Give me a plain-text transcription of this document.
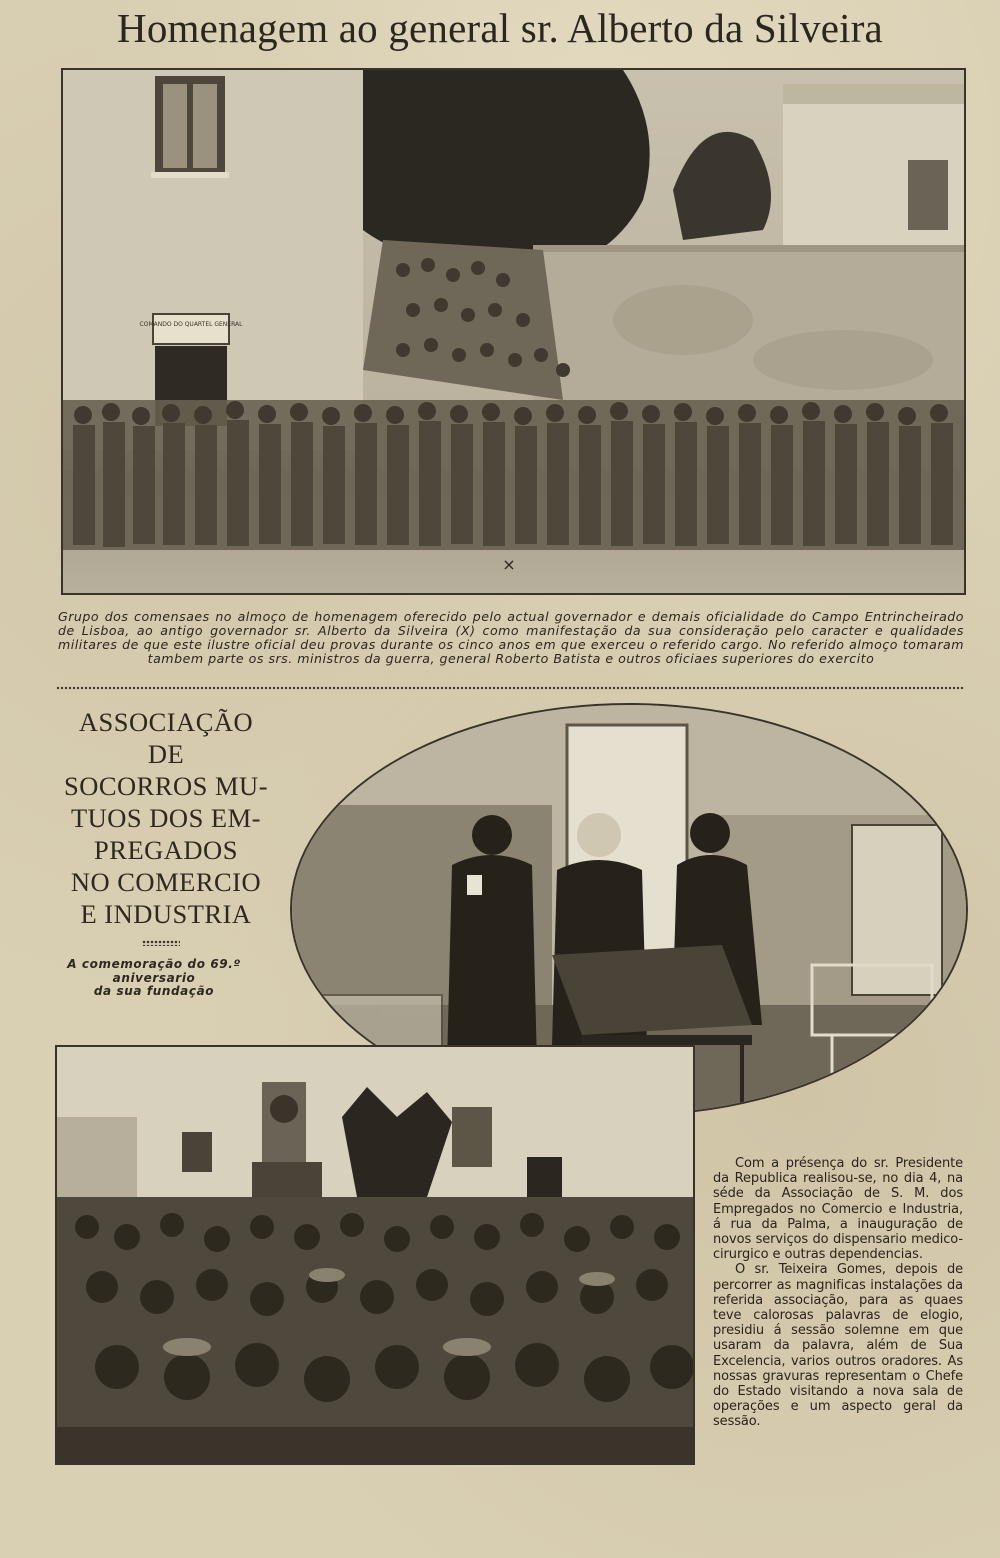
Homenagem ao general sr. Alberto da Silveira
COMANDO DO QUARTEL GENERAL
×
Grupo dos comensaes no almoço de homenagem oferecido pelo actual governador e demais oficialidade do Campo Entrincheirado de Lisboa, ao antigo governador sr. Alberto da Silveira (X) como manifestação da sua consideração pelo caracter e qualidades militares de que este ilustre oficial deu provas durante os cinco anos em que exerceu o referido cargo. No referido almoço tomaram tambem parte os srs. ministros da guerra, general Roberto Batista e outros oficiaes superiores do exercito
ASSOCIAÇÃO
DE
SOCORROS MU-
TUOS DOS EM-
PREGADOS
NO COMERCIO
E INDUSTRIA
A comemoração do 69.º
aniversario
da sua fundação

Com a présença do sr. Presidente da Republica realisou-se, no dia 4, na séde da Associação de S. M. dos Empregados no Comercio e Industria, á rua da Palma, a inauguração de novos serviços do dispensario medico-cirurgico e outras dependencias.

O sr. Teixeira Gomes, depois de percorrer as magnificas instalações da referida associação, para as quaes teve calorosas palavras de elogio, presidiu á sessão solemne em que usaram da palavra, além de Sua Excelencia, varios outros oradores. As nossas gravuras representam o Chefe do Estado visitando a nova sala de operações e um aspecto geral da sessão.
